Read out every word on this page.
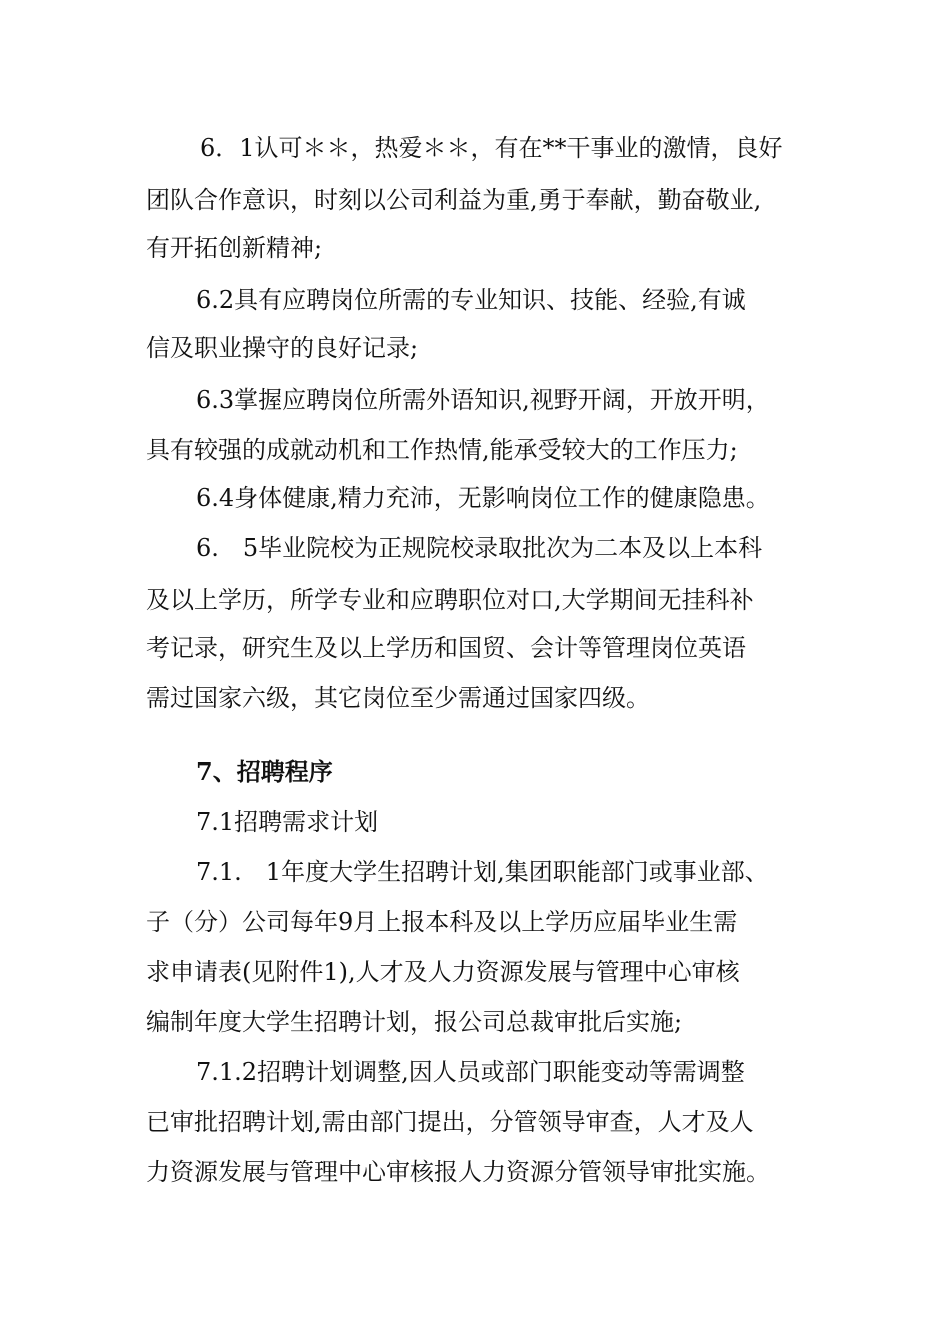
6．1认可＊＊，热爱＊＊，有在**干事业的激情，良好
团队合作意识，时刻以公司利益为重,勇于奉献，勤奋敬业,
有开拓创新精神;
6.2具有应聘岗位所需的专业知识、技能、经验,有诚
信及职业操守的良好记录;
6.3掌握应聘岗位所需外语知识,视野开阔，开放开明，
具有较强的成就动机和工作热情,能承受较大的工作压力;
6.4身体健康,精力充沛，无影响岗位工作的健康隐患。
6.　5毕业院校为正规院校录取批次为二本及以上本科
及以上学历，所学专业和应聘职位对口,大学期间无挂科补
考记录，研究生及以上学历和国贸、会计等管理岗位英语
需过国家六级，其它岗位至少需通过国家四级。
7、招聘程序
7.1招聘需求计划
7.1.　1年度大学生招聘计划,集团职能部门或事业部、
子（分）公司每年9月上报本科及以上学历应届毕业生需
求申请表(见附件1),人才及人力资源发展与管理中心审核
编制年度大学生招聘计划，报公司总裁审批后实施;
7.1.2招聘计划调整,因人员或部门职能变动等需调整
已审批招聘计划,需由部门提出，分管领导审查，人才及人
力资源发展与管理中心审核报人力资源分管领导审批实施。
